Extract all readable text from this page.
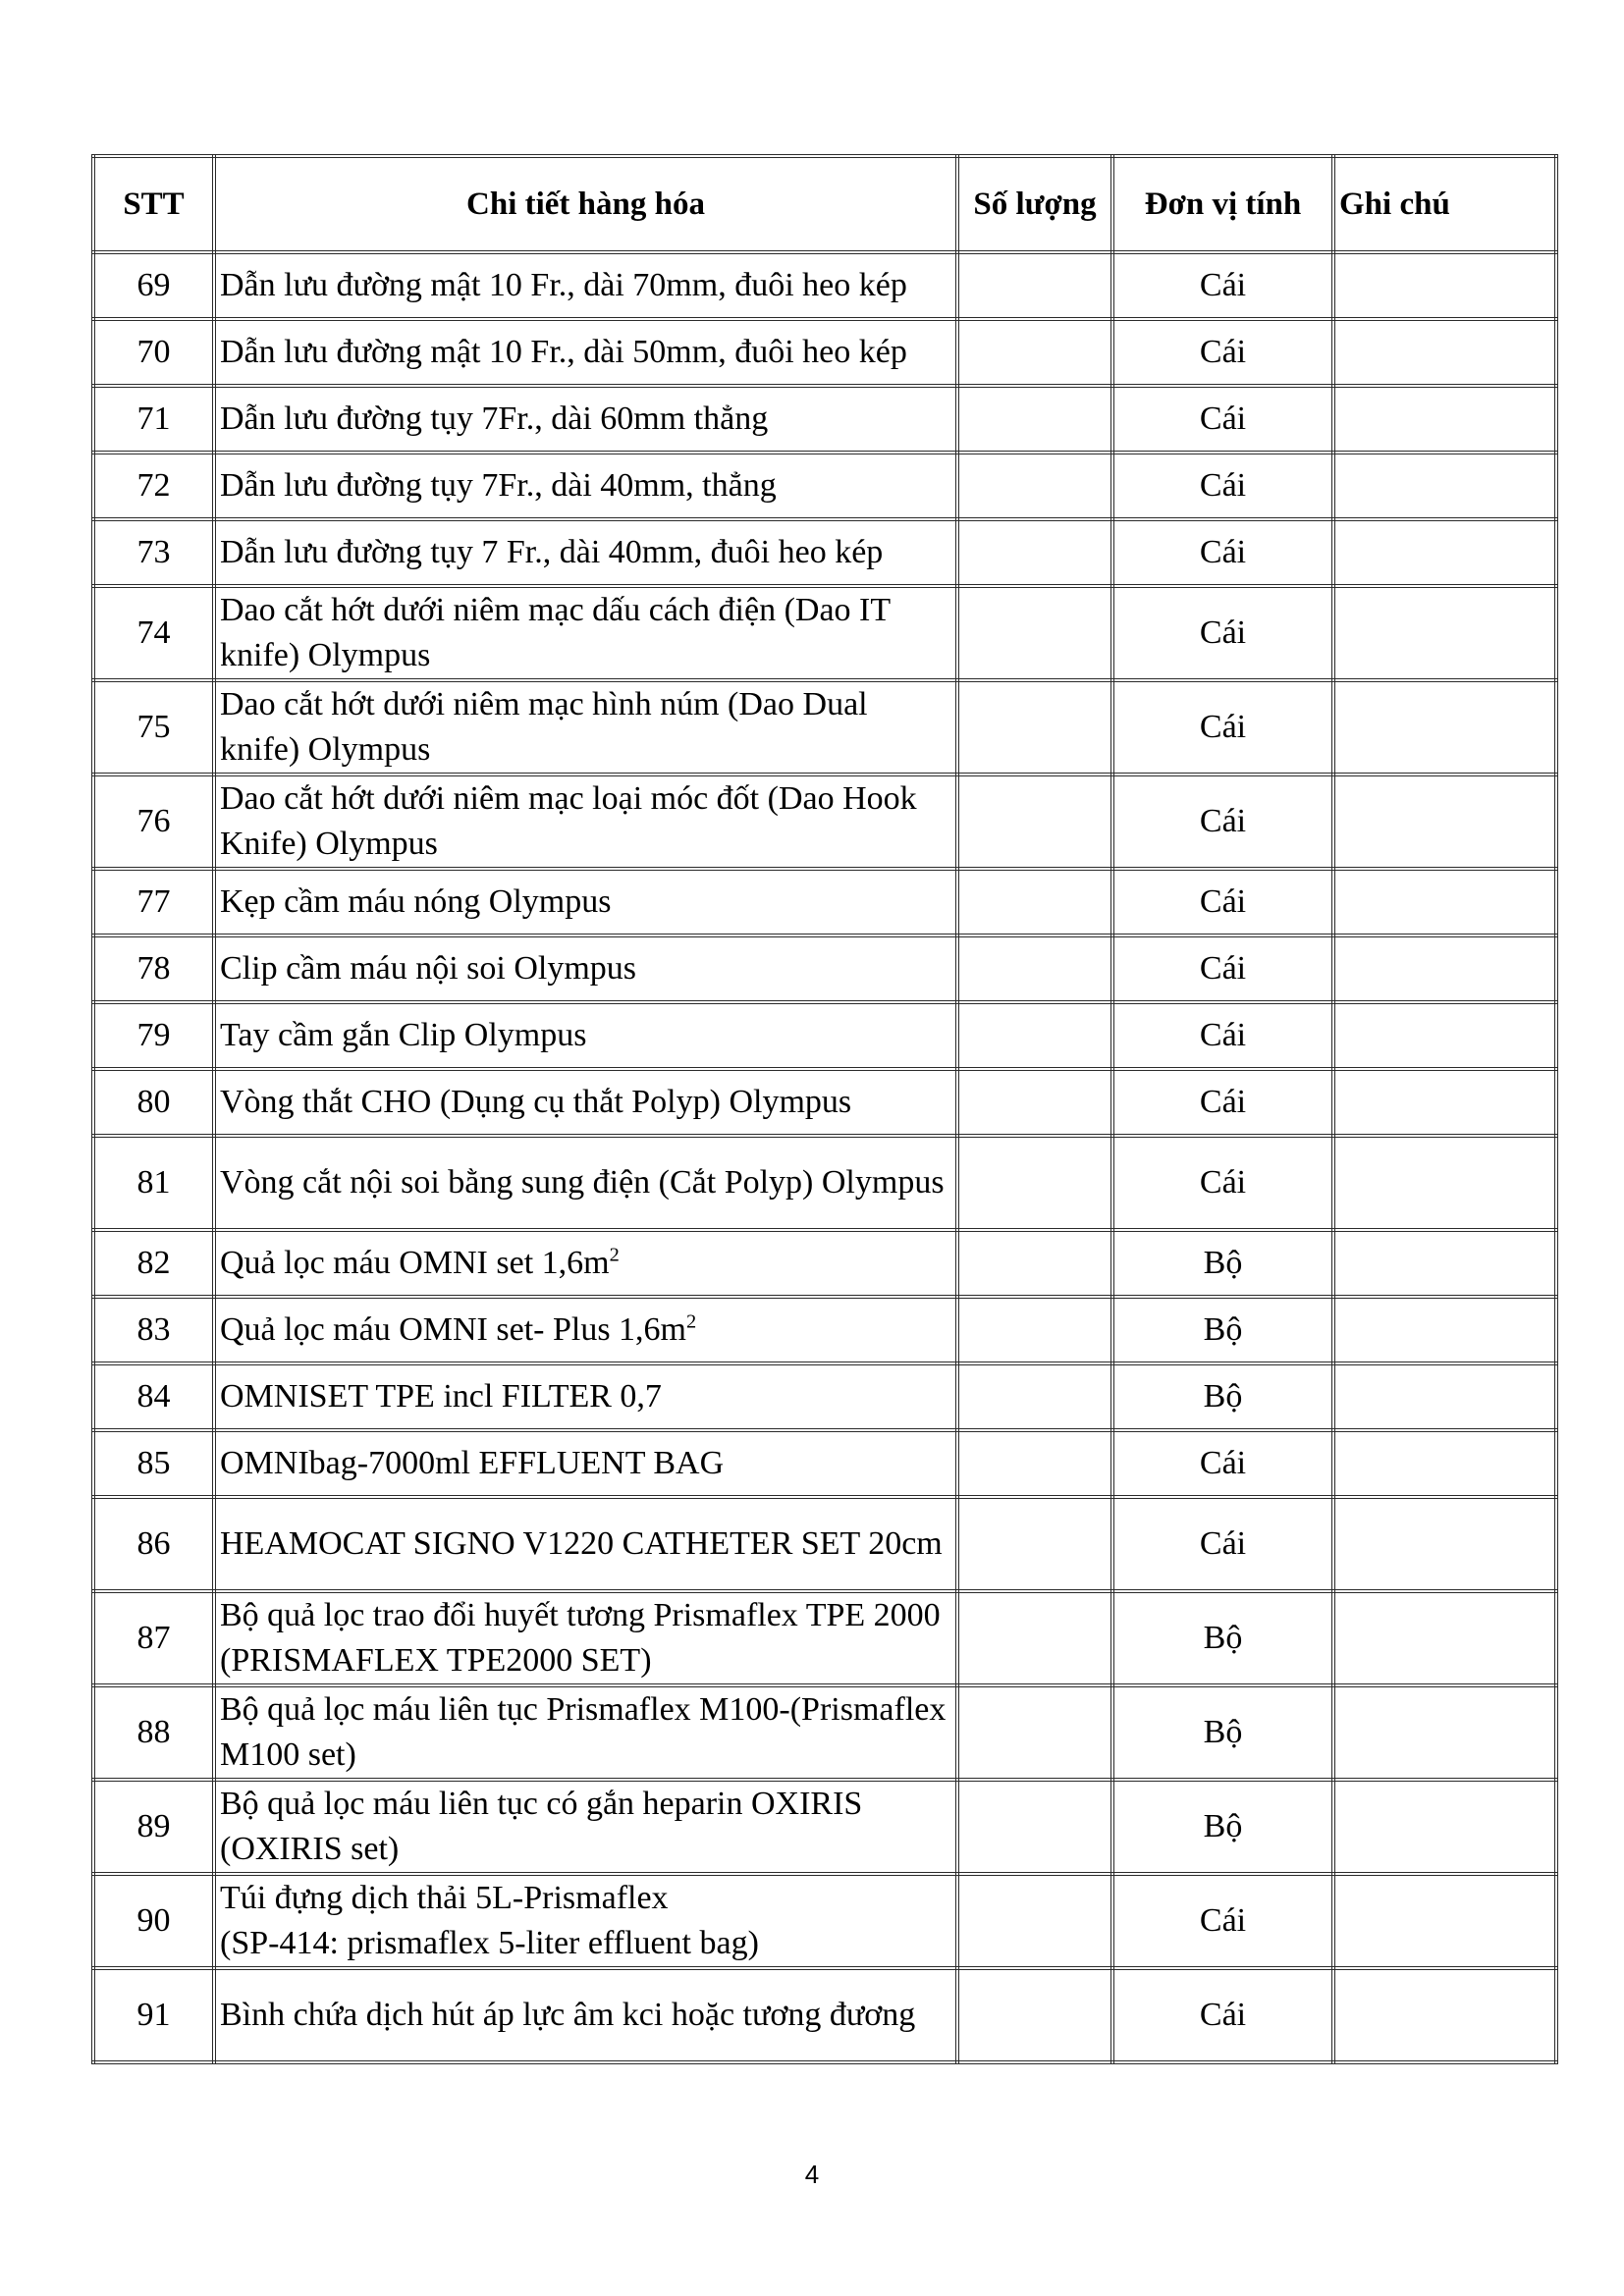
STT	Chi tiết hàng hóa	Số lượng	Đơn vị tính	Ghi chú
69	Dẫn lưu đường mật 10 Fr., dài 70mm, đuôi heo kép		Cái	
70	Dẫn lưu đường mật 10 Fr., dài 50mm, đuôi heo kép		Cái	
71	Dẫn lưu đường tụy 7Fr., dài 60mm thẳng		Cái	
72	Dẫn lưu đường tụy 7Fr., dài 40mm, thẳng		Cái	
73	Dẫn lưu đường tụy 7 Fr., dài 40mm, đuôi heo kép		Cái	
74	Dao cắt hớt dưới niêm mạc dấu cách điện (Dao IT knife) Olympus		Cái	
75	Dao cắt hớt dưới niêm mạc hình núm (Dao Dual knife) Olympus		Cái	
76	Dao cắt hớt dưới niêm mạc loại móc đốt (Dao Hook Knife) Olympus		Cái	
77	Kẹp cầm máu nóng Olympus		Cái	
78	Clip cầm máu nội soi Olympus		Cái	
79	Tay cầm gắn Clip Olympus		Cái	
80	Vòng thắt CHO (Dụng cụ thắt Polyp) Olympus		Cái	
81	Vòng cắt nội soi bằng sung điện (Cắt Polyp) Olympus		Cái	
82	Quả lọc máu OMNI set $1,6m^2$		Bộ	
83	Quả lọc máu OMNI set- Plus $1,6m^2$		Bộ	
84	OMNISET TPE incl FILTER 0,7		Bộ	
85	OMNIbag-7000ml EFFLUENT BAG		Cái	
86	HEAMOCAT SIGNO V1220 CATHETER SET 20cm		Cái	
87	Bộ quả lọc trao đổi huyết tương Prismaflex TPE 2000 (PRISMAFLEX TPE2000 SET)		Bộ	
88	Bộ quả lọc máu liên tục Prismaflex M100-(Prismaflex M100 set)		Bộ	
89	Bộ quả lọc máu liên tục có gắn heparin OXIRIS (OXIRIS set)		Bộ	
90	Túi đựng dịch thải 5L-Prismaflex
(SP-414: prismaflex 5-liter effluent bag)		Cái	
91	Bình chứa dịch hút áp lực âm kci hoặc tương đương		Cái	
4
